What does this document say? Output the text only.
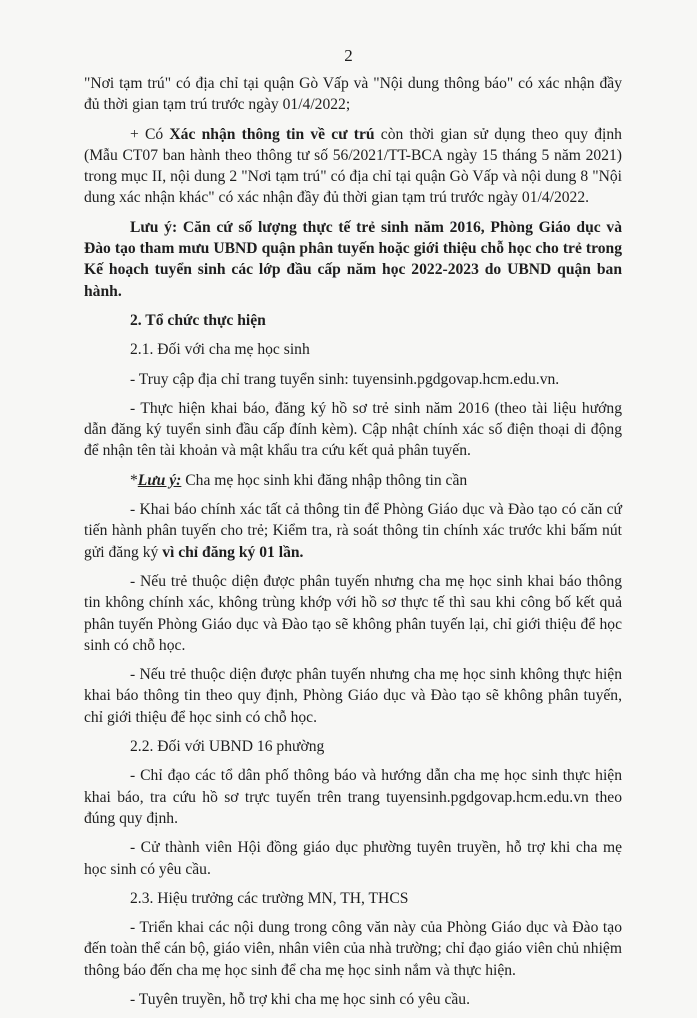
2

"Nơi tạm trú" có địa chỉ tại quận Gò Vấp và "Nội dung thông báo" có xác nhận đầy đủ thời gian tạm trú trước ngày 01/4/2022;

+ Có Xác nhận thông tin về cư trú còn thời gian sử dụng theo quy định (Mẫu CT07 ban hành theo thông tư số 56/2021/TT-BCA ngày 15 tháng 5 năm 2021) trong mục II, nội dung 2 "Nơi tạm trú" có địa chỉ tại quận Gò Vấp và nội dung 8 "Nội dung xác nhận khác" có xác nhận đầy đủ thời gian tạm trú trước ngày 01/4/2022.

Lưu ý: Căn cứ số lượng thực tế trẻ sinh năm 2016, Phòng Giáo dục và Đào tạo tham mưu UBND quận phân tuyến hoặc giới thiệu chỗ học cho trẻ trong Kế hoạch tuyển sinh các lớp đầu cấp năm học 2022-2023 do UBND quận ban hành.

2. Tổ chức thực hiện

2.1. Đối với cha mẹ học sinh

- Truy cập địa chỉ trang tuyển sinh: tuyensinh.pgdgovap.hcm.edu.vn.

- Thực hiện khai báo, đăng ký hồ sơ trẻ sinh năm 2016 (theo tài liệu hướng dẫn đăng ký tuyển sinh đầu cấp đính kèm). Cập nhật chính xác số điện thoại di động để nhận tên tài khoản và mật khẩu tra cứu kết quả phân tuyến.

*Lưu ý: Cha mẹ học sinh khi đăng nhập thông tin cần

- Khai báo chính xác tất cả thông tin để Phòng Giáo dục và Đào tạo có căn cứ tiến hành phân tuyến cho trẻ; Kiểm tra, rà soát thông tin chính xác trước khi bấm nút gửi đăng ký vì chỉ đăng ký 01 lần.

- Nếu trẻ thuộc diện được phân tuyến nhưng cha mẹ học sinh khai báo thông tin không chính xác, không trùng khớp với hồ sơ thực tế thì sau khi công bố kết quả phân tuyến Phòng Giáo dục và Đào tạo sẽ không phân tuyến lại, chỉ giới thiệu để học sinh có chỗ học.

- Nếu trẻ thuộc diện được phân tuyến nhưng cha mẹ học sinh không thực hiện khai báo thông tin theo quy định, Phòng Giáo dục và Đào tạo sẽ không phân tuyến, chỉ giới thiệu để học sinh có chỗ học.

2.2. Đối với UBND 16 phường

- Chỉ đạo các tổ dân phố thông báo và hướng dẫn cha mẹ học sinh thực hiện khai báo, tra cứu hồ sơ trực tuyến trên trang tuyensinh.pgdgovap.hcm.edu.vn theo đúng quy định.

- Cử thành viên Hội đồng giáo dục phường tuyên truyền, hỗ trợ khi cha mẹ học sinh có yêu cầu.

2.3. Hiệu trưởng các trường MN, TH, THCS

- Triển khai các nội dung trong công văn này của Phòng Giáo dục và Đào tạo đến toàn thể cán bộ, giáo viên, nhân viên của nhà trường; chỉ đạo giáo viên chủ nhiệm thông báo đến cha mẹ học sinh để cha mẹ học sinh nắm và thực hiện.

- Tuyên truyền, hỗ trợ khi cha mẹ học sinh có yêu cầu.
